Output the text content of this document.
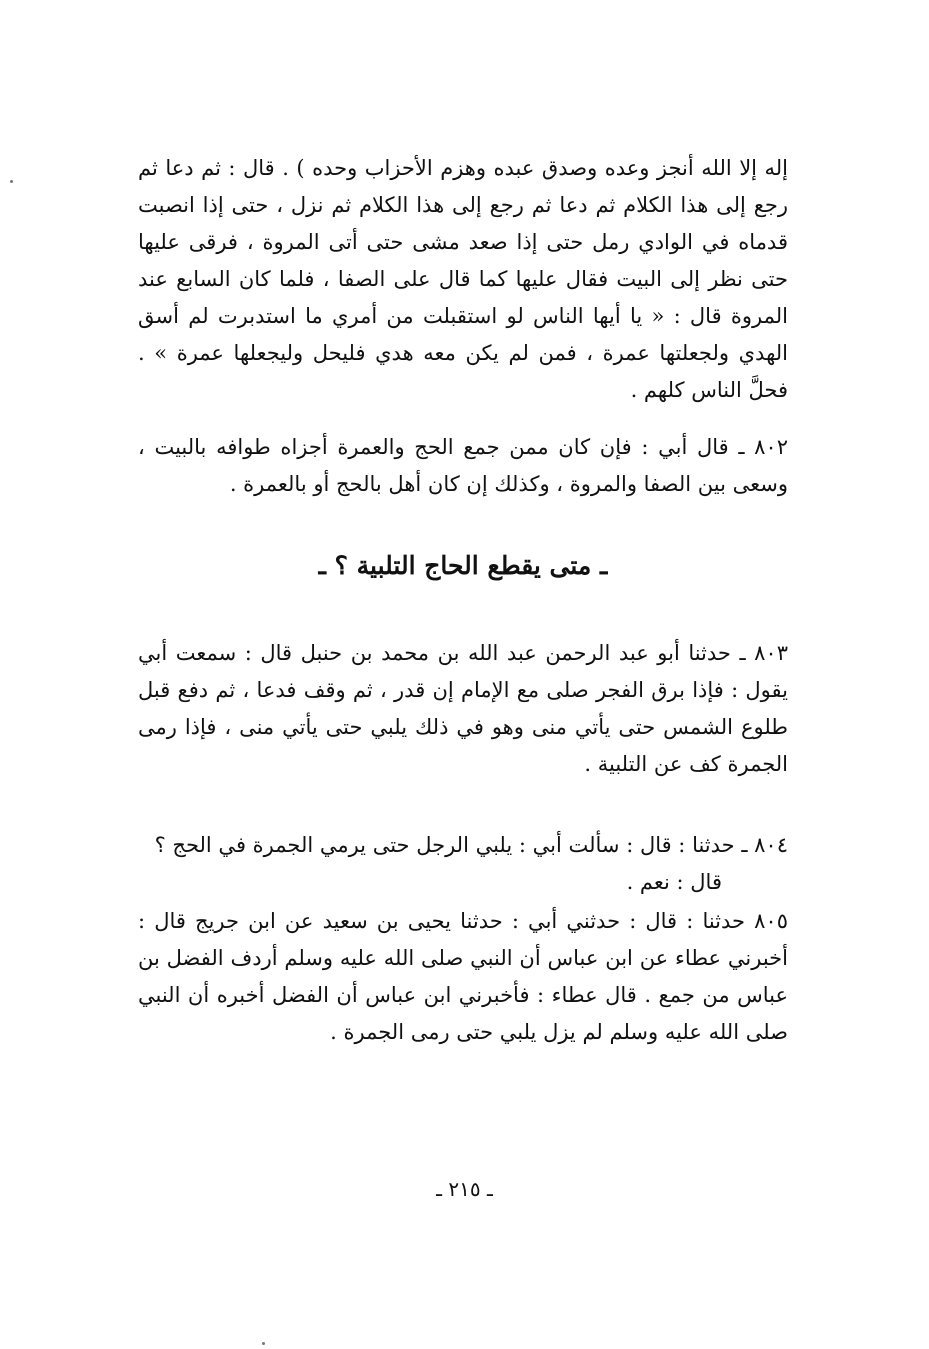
إله إلا الله أنجز وعده وصدق عبده وهزم الأحزاب وحده ) . قال : ثم دعا ثم رجع إلى هذا الكلام ثم دعا ثم رجع إلى هذا الكلام ثم نزل ، حتى إذا انصبت قدماه في الوادي رمل حتى إذا صعد مشى حتى أتى المروة ، فرقى عليها حتى نظر إلى البيت فقال عليها كما قال على الصفا ، فلما كان السابع عند المروة قال : « يا أيها الناس لو استقبلت من أمري ما استدبرت لم أسق الهدي ولجعلتها عمرة ، فمن لم يكن معه هدي فليحل وليجعلها عمرة » . فحلَّ الناس كلهم .

٨٠٢ ـ قال أبي : فإن كان ممن جمع الحج والعمرة أجزاه طوافه بالبيت ، وسعى بين الصفا والمروة ، وكذلك إن كان أهل بالحج أو بالعمرة .

ـ متى يقطع الحاج التلبية ؟ ـ

٨٠٣ ـ حدثنا أبو عبد الرحمن عبد الله بن محمد بن حنبل قال : سمعت أبي يقول : فإذا برق الفجر صلى مع الإمام إن قدر ، ثم وقف فدعا ، ثم دفع قبل طلوع الشمس حتى يأتي منى وهو في ذلك يلبي حتى يأتي منى ، فإذا رمى الجمرة كف عن التلبية .

٨٠٤ ـ حدثنا : قال : سألت أبي : يلبي الرجل حتى يرمي الجمرة في الحج ؟

قال : نعم .

٨٠٥ حدثنا : قال : حدثني أبي : حدثنا يحيى بن سعيد عن ابن جريج قال : أخبرني عطاء عن ابن عباس أن النبي صلى الله عليه وسلم أردف الفضل بن عباس من جمع . قال عطاء : فأخبرني ابن عباس أن الفضل أخبره أن النبي صلى الله عليه وسلم لم يزل يلبي حتى رمى الجمرة .

ـ ٢١٥ ـ
